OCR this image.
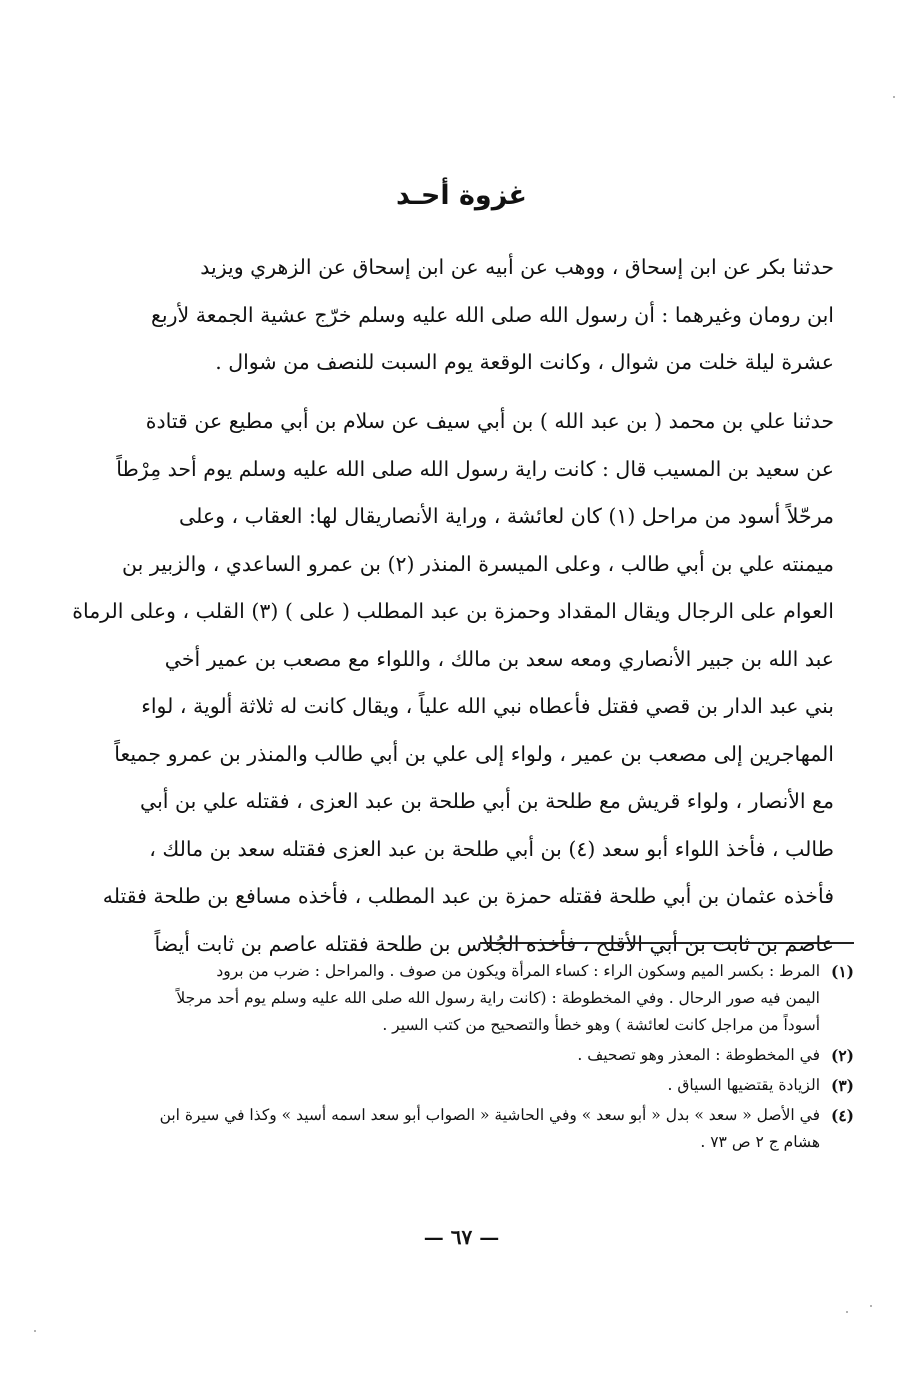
غزوة أحـد

حدثنا بكر عن ابن إسحاق ، ووهب عن أبيه عن ابن إسحاق عن الزهري ويزيد
ابن رومان وغيرهما : أن رسول الله صلى الله عليه وسلم خرّج عشية الجمعة لأربع
عشرة ليلة خلت من شوال ، وكانت الوقعة يوم السبت للنصف من شوال .

حدثنا علي بن محمد ( بن عبد الله ) بن أبي سيف عن سلام بن أبي مطيع عن قتادة
عن سعيد بن المسيب قال : كانت راية رسول الله صلى الله عليه وسلم يوم أحد مِرْطاً
مرحّلاً أسود من مراحل (١) كان لعائشة ، وراية الأنصاريقال لها: العقاب ، وعلى
ميمنته علي بن أبي طالب ، وعلى الميسرة المنذر (٢) بن عمرو الساعدي ، والزبير بن
العوام على الرجال ويقال المقداد وحمزة بن عبد المطلب ( على ) (٣) القلب ، وعلى الرماة
عبد الله بن جبير الأنصاري ومعه سعد بن مالك ، واللواء مع مصعب بن عمير أخي
بني عبد الدار بن قصي فقتل فأعطاه نبي الله علياً ، ويقال كانت له ثلاثة ألوية ، لواء
المهاجرين إلى مصعب بن عمير ، ولواء إلى علي بن أبي طالب والمنذر بن عمرو جميعاً
مع الأنصار ، ولواء قريش مع طلحة بن أبي طلحة بن عبد العزى ، فقتله علي بن أبي
طالب ، فأخذ اللواء أبو سعد (٤) بن أبي طلحة بن عبد العزى فقتله سعد بن مالك ،
فأخذه عثمان بن أبي طلحة فقتله حمزة بن عبد المطلب ، فأخذه مسافع بن طلحة فقتله
عاصم بن ثابت بن أبي الأقلح ، فأخذه الجُلاس بن طلحة فقتله عاصم بن ثابت أيضاً

(١)
المرط : بكسر الميم وسكون الراء : كساء المرأة ويكون من صوف . والمراحل : ضرب من برود
اليمن فيه صور الرحال . وفي المخطوطة : (كانت راية رسول الله صلى الله عليه وسلم يوم أحد مرجلاً
أسوداً من مراجل كانت لعائشة ) وهو خطأ والتصحيح من كتب السير .
(٢)
في المخطوطة : المعذر وهو تصحيف .
(٣)
الزيادة يقتضيها السياق .
(٤)
في الأصل « سعد » بدل « أبو سعد » وفي الحاشية « الصواب أبو سعد اسمه أسيد » وكذا في سيرة ابن
هشام ج ٢ ص ٧٣ .
— ٦٧ —
